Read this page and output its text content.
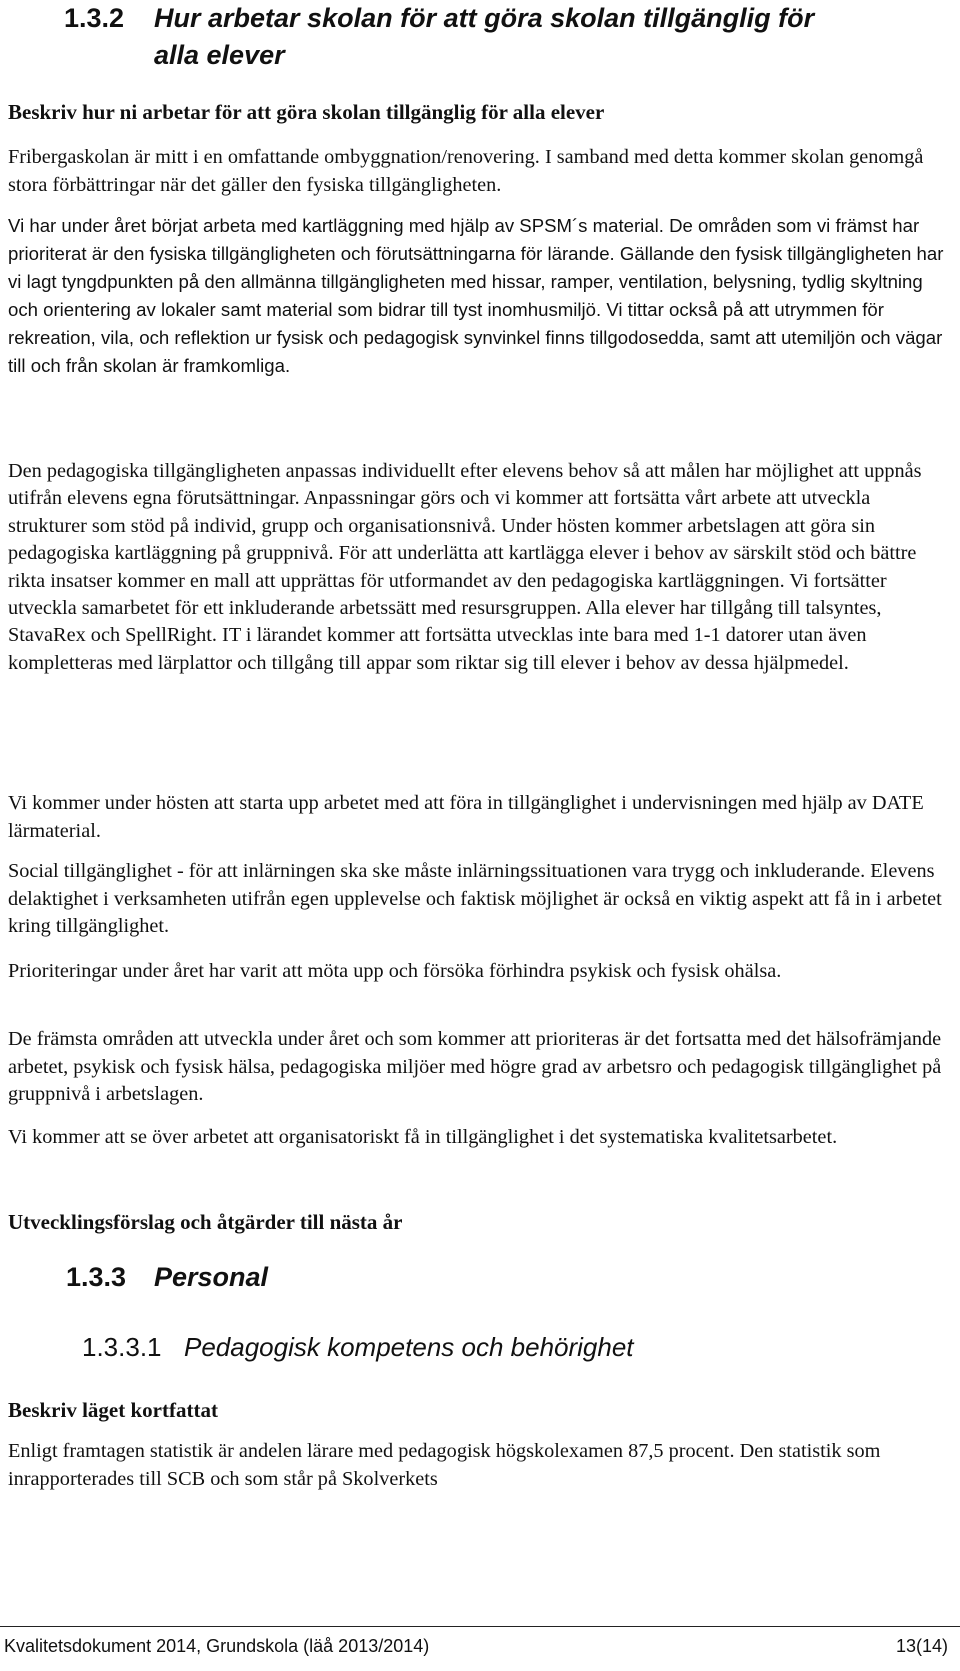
1.3.2 Hur arbetar skolan för att göra skolan tillgänglig för
alla elever
Beskriv hur ni arbetar för att göra skolan tillgänglig för alla elever

Fribergaskolan är mitt i en omfattande ombyggnation/renovering. I samband med detta kommer skolan genomgå stora förbättringar när det gäller den fysiska tillgängligheten.

Vi har under året börjat arbeta med kartläggning med hjälp av SPSM´s material. De områden som vi främst har prioriterat är den fysiska tillgängligheten och förutsättningarna för lärande. Gällande den fysisk tillgängligheten har vi lagt tyngdpunkten på den allmänna tillgängligheten med hissar, ramper, ventilation, belysning, tydlig skyltning och orientering av lokaler samt material som bidrar till tyst inomhusmiljö. Vi tittar också på att utrymmen för rekreation, vila, och reflektion ur fysisk och pedagogisk synvinkel finns tillgodosedda, samt att utemiljön och vägar till och från skolan är framkomliga.

Den pedagogiska tillgängligheten anpassas individuellt efter elevens behov så att målen har möjlighet att uppnås utifrån elevens egna förutsättningar. Anpassningar görs och vi kommer att fortsätta vårt arbete att utveckla strukturer som stöd på individ, grupp och organisationsnivå. Under hösten kommer arbetslagen att göra sin pedagogiska kartläggning på gruppnivå. För att underlätta att kartlägga elever i behov av särskilt stöd och bättre rikta insatser kommer en mall att upprättas för utformandet av den pedagogiska kartläggningen. Vi fortsätter utveckla samarbetet för ett inkluderande arbetssätt med resursgruppen. Alla elever har tillgång till talsyntes, StavaRex och SpellRight. IT i lärandet kommer att fortsätta utvecklas inte bara med 1-1 datorer utan även kompletteras med lärplattor och tillgång till appar som riktar sig till elever i behov av dessa hjälpmedel.

Vi kommer under hösten att starta upp arbetet med att föra in tillgänglighet i undervisningen med hjälp av DATE lärmaterial.

Social tillgänglighet - för att inlärningen ska ske måste inlärningssituationen vara trygg och inkluderande. Elevens delaktighet i verksamheten utifrån egen upplevelse och faktisk möjlighet är också en viktig aspekt att få in i arbetet kring tillgänglighet.

Prioriteringar under året har varit att möta upp och försöka förhindra psykisk och fysisk ohälsa.

De främsta områden att utveckla under året och som kommer att prioriteras är det fortsatta med det hälsofrämjande arbetet, psykisk och fysisk hälsa, pedagogiska miljöer med högre grad av arbetsro och pedagogisk tillgänglighet på gruppnivå i arbetslagen.

Vi kommer att se över arbetet att organisatoriskt få in tillgänglighet i det systematiska kvalitetsarbetet.

Utvecklingsförslag och åtgärder till nästa år
1.3.3 Personal
1.3.3.1 Pedagogisk kompetens och behörighet
Beskriv läget kortfattat

Enligt framtagen statistik är andelen lärare med pedagogisk högskolexamen 87,5 procent. Den statistik som inrapporterades till SCB och som står på Skolverkets

Kvalitetsdokument 2014, Grundskola (läå 2013/2014)	13(14)
